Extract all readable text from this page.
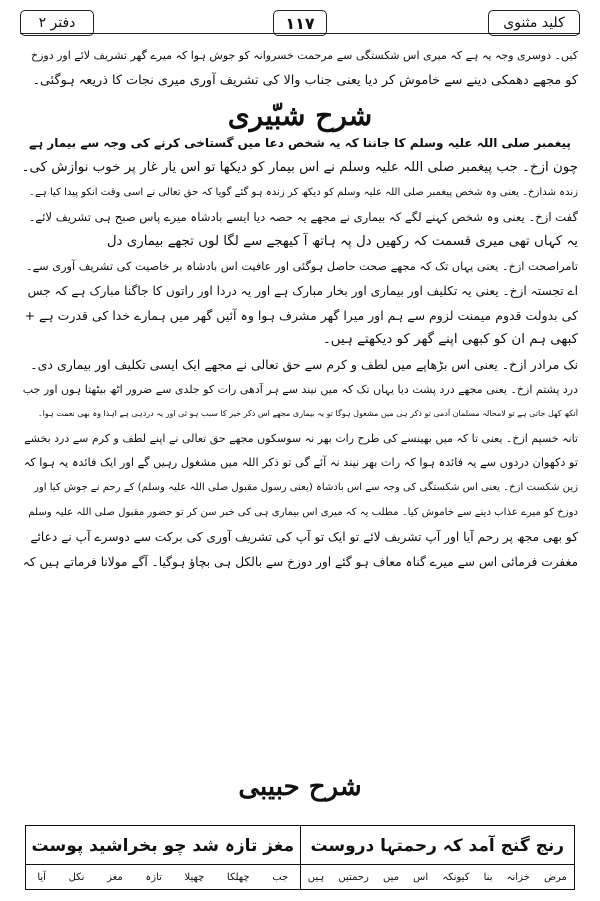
کلید مثنوی
۱۱۷
دفتر ۲
کیں۔ دوسری وجہ یہ ہے کہ میری اس شکستگی سے مرحمت خسروانہ کو جوش ہوا کہ میرے گھر تشریف لائے اور دوزخ
کو مجھے دھمکی دینے سے خاموش کر دیا یعنی جناب والا کی تشریف آوری میری نجات کا ذریعہ ہوگئی۔
شرح شبّیری
پیغمبر صلی اللہ علیہ وسلم کا جاننا کہ یہ شخص دعا میں گستاخی کرنے کی وجہ سے بیمار ہے
چون ازخ۔ جب پیغمبر صلی اللہ علیہ وسلم نے اس بیمار کو دیکھا تو اس یار غار پر خوب نوازش کی۔
زندہ شدازخ۔ یعنی وہ شخص پیغمبر صلی اللہ علیہ وسلم کو دیکھ کر زندہ ہو گئے گویا کہ حق تعالی نے اسی وقت انکو پیدا کیا ہے۔
گفت ازخ۔ یعنی وہ شخص کہنے لگے کہ بیماری نے مجھے یہ حصہ دیا ایسے بادشاہ میرے پاس صبح ہی تشریف لائے۔
یہ کہاں تھی میری قسمت کہ رکھیں دل پہ ہاتھ آ کیھجے سے لگا لوں تجھے بیماری دل
تامراصحت ازخ۔ یعنی یہاں تک کہ مجھے صحت حاصل ہوگئی اور عافیت اس بادشاہ بر خاصیت کی تشریف آوری سے۔
اے تجستہ ازخ۔ یعنی یہ تکلیف اور بیماری اور بخار مبارک ہے اور یہ دردا اور راتوں کا جاگنا مبارک ہے کہ جس
کی بدولت قدوم میمنت لزوم سے ہم اور میرا گھر مشرف ہوا وہ آئیں گھر میں ہمارے خدا کی قدرت ہے +
کبھی ہم ان کو کبھی اپنے گھر کو دیکھتے ہیں۔
نک مرادر ازخ۔ یعنی اس بڑھاپے میں لطف و کرم سے حق تعالی نے مجھے ایک ایسی تکلیف اور بیماری دی۔
درد پشتم ازخ۔ یعنی مجھے درد پشت دیا یہاں تک کہ میں نیند سے ہر آدھی رات کو جلدی سے ضرور اٹھ بیٹھتا ہوں اور جب
آنکھ کھل جاتی ہے تو لامحالہ مسلمان آدمی تو ذکر ہی میں مشغول ہوگا تو یہ بیماری مجھے اس ذکر خیر کا سبب ہو ئی اور یہ دردہی ہے اہذا وہ بھی نعمت ہوا۔
تانہ خسپم ازخ۔ یعنی تا کہ میں بھینسے کی طرح رات بھر نہ سوسکوں مجھے حق تعالی نے اپنے لطف و کرم سے درد بخشے
تو دکھوان دردوں سے یہ فائدہ ہوا کہ رات بھر نیند نہ آئے گی تو ذکر اللہ میں مشغول رہیں گے اور ایک فائدہ یہ ہوا کہ
زین شکست ازخ۔ یعنی اس شکستگی کی وجہ سے اس بادشاہ (یعنی رسول مقبول صلی اللہ علیہ وسلم) کے رحم نے جوش کیا اور
دوزخ کو میرے عذاب دینے سے خاموش کیا۔ مطلب یہ کہ میری اس بیماری ہی کی خبر سن کر تو حضور مقبول صلی اللہ علیہ وسلم
کو بھی مجھ پر رحم آیا اور آپ تشریف لائے تو ایک تو آپ کی تشریف آوری کی برکت سے دوسرے آپ نے دعائے
مغفرت فرمائی اس سے میرے گناہ معاف ہو گئے اور دوزخ سے بالکل ہی بچاؤ ہوگیا۔ آگے مولانا فرماتے ہیں کہ
شرح حبیبی
رنج گنج آمد کہ رحمتہا دروست
مغز تازہ شد چو بخراشید پوست
مرض
خزانہ
بنا
کیونکہ
اس
میں
رحمتیں
ہیں
جب
چھلکا
چھیلا
تازہ
مغز
نکل
آیا
